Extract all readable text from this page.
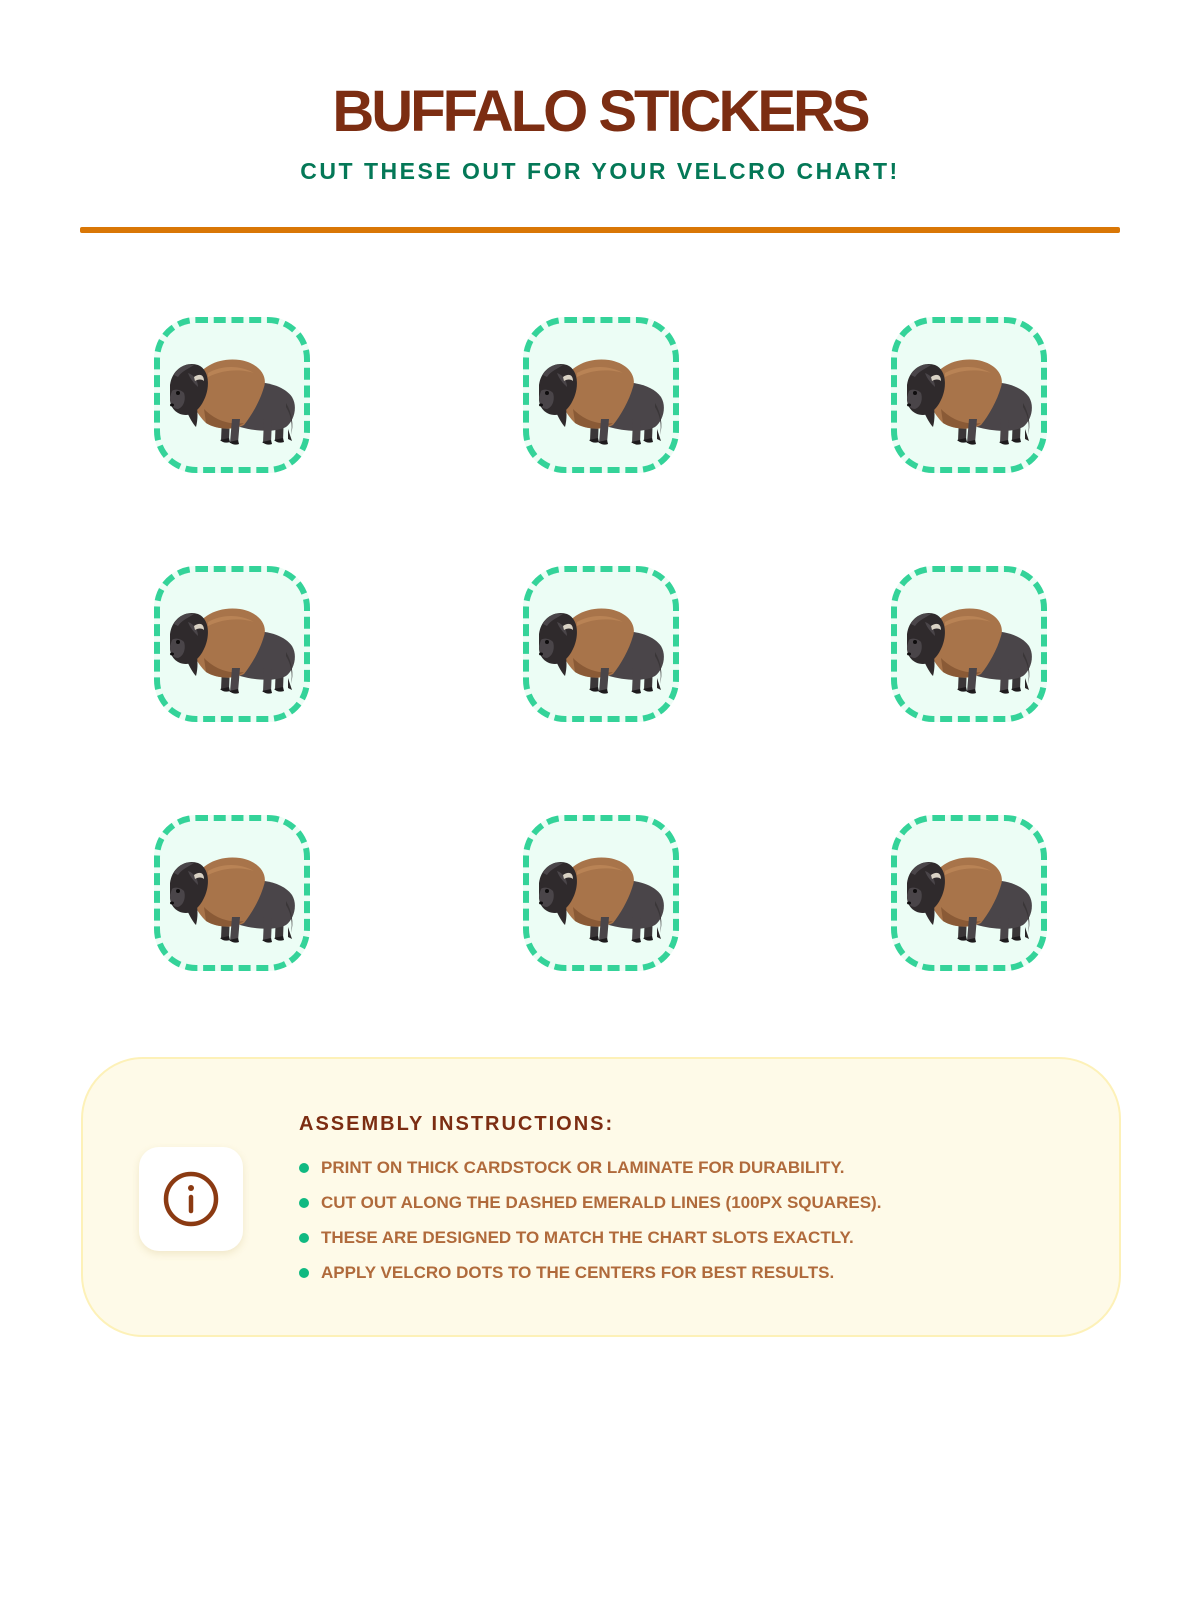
BUFFALO STICKERS
CUT THESE OUT FOR YOUR VELCRO CHART!
ASSEMBLY INSTRUCTIONS:
PRINT ON THICK CARDSTOCK OR LAMINATE FOR DURABILITY.
CUT OUT ALONG THE DASHED EMERALD LINES (100PX SQUARES).
THESE ARE DESIGNED TO MATCH THE CHART SLOTS EXACTLY.
APPLY VELCRO DOTS TO THE CENTERS FOR BEST RESULTS.
